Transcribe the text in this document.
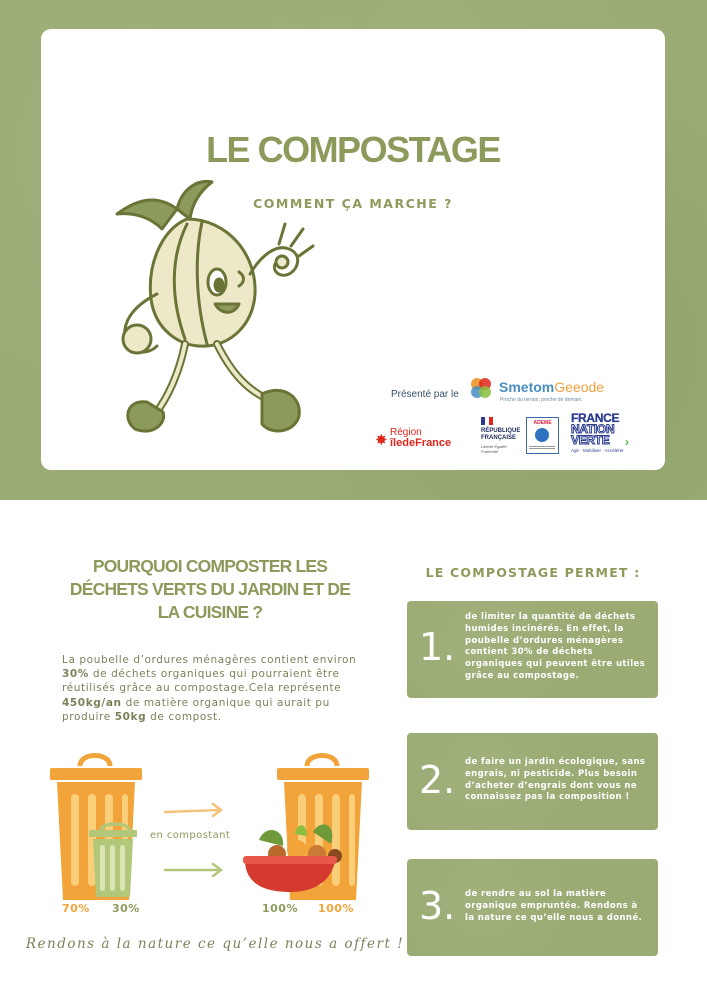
LE COMPOSTAGE
COMMENT ÇA MARCHE ?
Présenté par le	SmetomGeeode
Proche du terrain, proche de demain.
✸ Région
îledeFrance
RÉPUBLIQUE
FRANÇAISE
Liberté Égalité Fraternité
ADEME	FRANCE
NATION
VERTE	›
Agir · Mobiliser · Accélérer
POURQUOI COMPOSTER LES DÉCHETS VERTS DU JARDIN ET DE LA CUISINE ?
La poubelle d’ordures ménagères contient environ 30% de déchets organiques qui pourraient être réutilisés grâce au compostage.Cela représente 450kg/an de matière organique qui aurait pu produire 50kg de compost.
en compostant
70% 30%	100% 100%
Rendons à la nature ce qu’elle nous a offert !
LE COMPOSTAGE PERMET :
1.
de limiter la quantité de déchets humides incinérés. En effet, la poubelle d’ordures ménagères contient 30% de déchets organiques qui peuvent être utiles grâce au compostage.
2. de faire un jardin écologique, sans engrais, ni pesticide. Plus besoin d’acheter d’engrais dont vous ne connaissez pas la composition !
3. de rendre au sol la matière organique empruntée. Rendons à la nature ce qu’elle nous a donné.
